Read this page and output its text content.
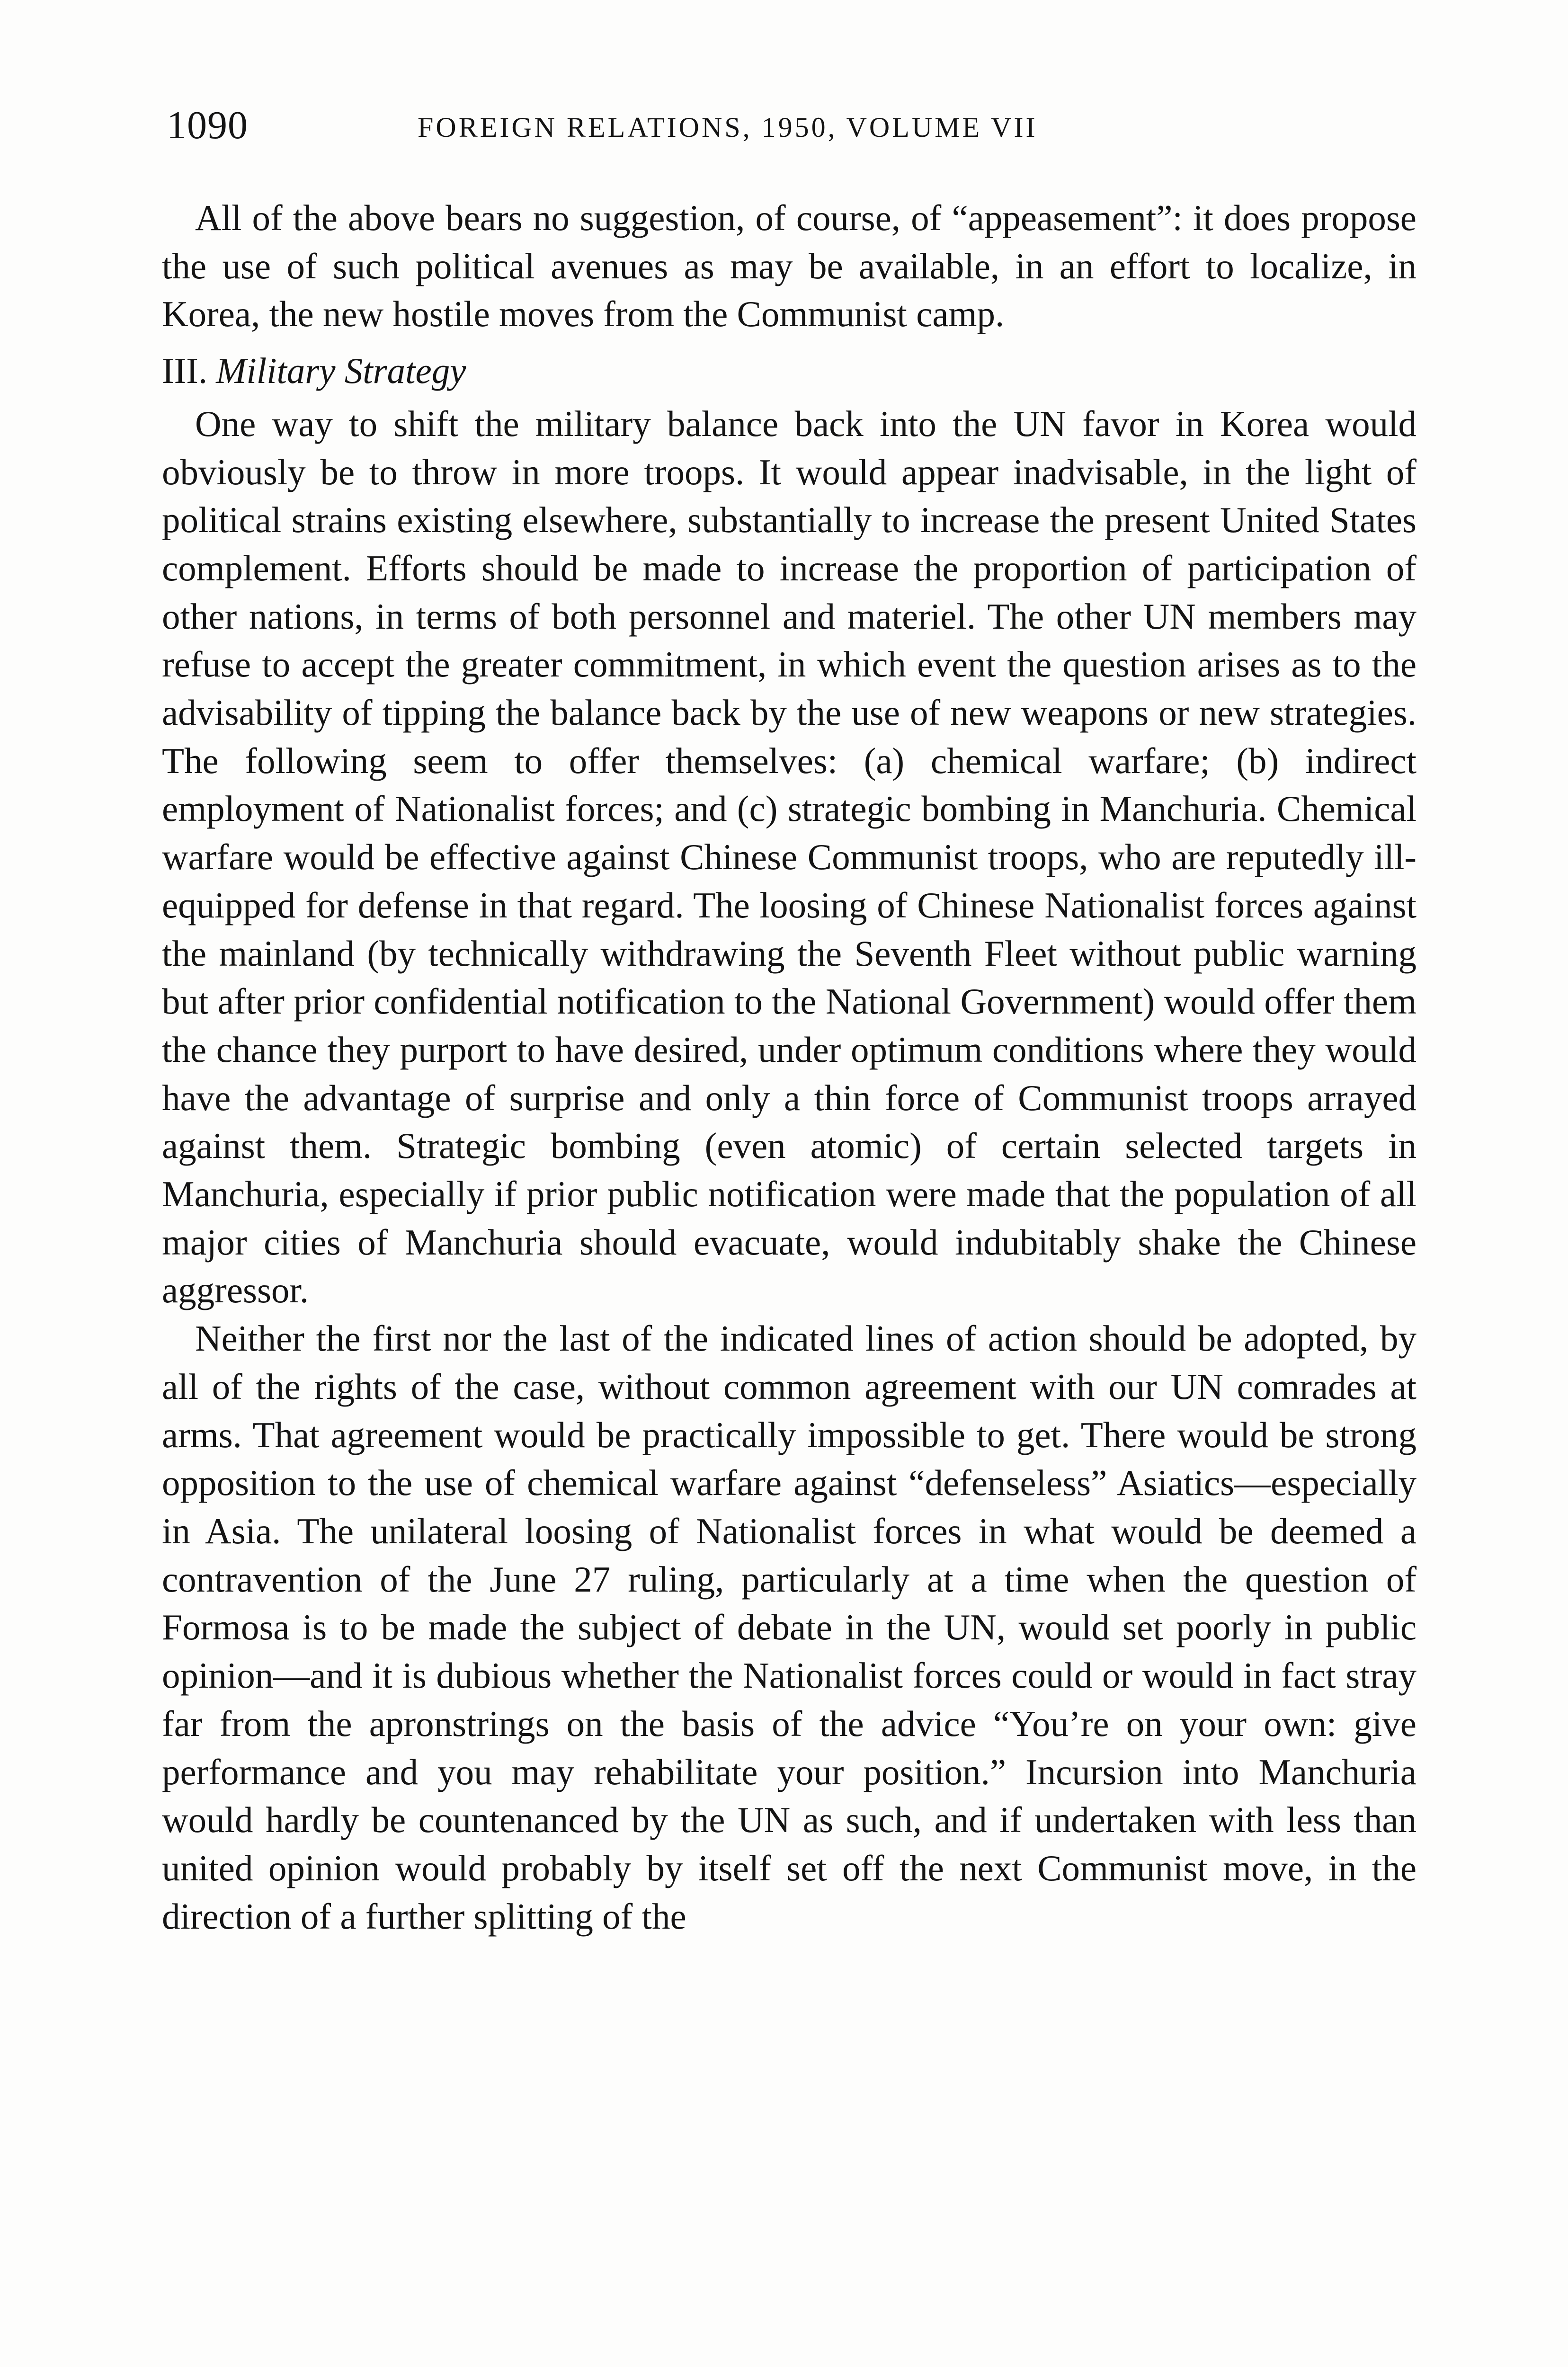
1090	FOREIGN RELATIONS, 1950, VOLUME VII

All of the above bears no suggestion, of course, of “appeasement”: it does propose the use of such political avenues as may be available, in an effort to localize, in Korea, the new hostile moves from the Communist camp.

III. Military Strategy

One way to shift the military balance back into the UN favor in Korea would obviously be to throw in more troops. It would appear inadvisable, in the light of political strains existing elsewhere, substantially to increase the present United States complement. Efforts should be made to increase the proportion of participation of other nations, in terms of both personnel and materiel. The other UN members may refuse to accept the greater commitment, in which event the question arises as to the advisability of tipping the balance back by the use of new weapons or new strategies. The following seem to offer themselves: (a) chemical warfare; (b) indirect employment of Nationalist forces; and (c) strategic bombing in Manchuria. Chemical warfare would be effective against Chinese Communist troops, who are reputedly ill-equipped for defense in that regard. The loosing of Chinese Nationalist forces against the mainland (by technically withdrawing the Seventh Fleet without public warning but after prior confidential notification to the National Government) would offer them the chance they purport to have desired, under optimum conditions where they would have the advantage of surprise and only a thin force of Communist troops arrayed against them. Strategic bombing (even atomic) of certain selected targets in Manchuria, especially if prior public notification were made that the population of all major cities of Manchuria should evacuate, would indubitably shake the Chinese aggressor.

Neither the first nor the last of the indicated lines of action should be adopted, by all of the rights of the case, without common agreement with our UN comrades at arms. That agreement would be practically impossible to get. There would be strong opposition to the use of chemical warfare against “defenseless” Asiatics—especially in Asia. The unilateral loosing of Nationalist forces in what would be deemed a contravention of the June 27 ruling, particularly at a time when the question of Formosa is to be made the subject of debate in the UN, would set poorly in public opinion—and it is dubious whether the Nationalist forces could or would in fact stray far from the apronstrings on the basis of the advice “You’re on your own: give performance and you may rehabilitate your position.” Incursion into Manchuria would hardly be countenanced by the UN as such, and if undertaken with less than united opinion would probably by itself set off the next Communist move, in the direction of a further splitting of the
